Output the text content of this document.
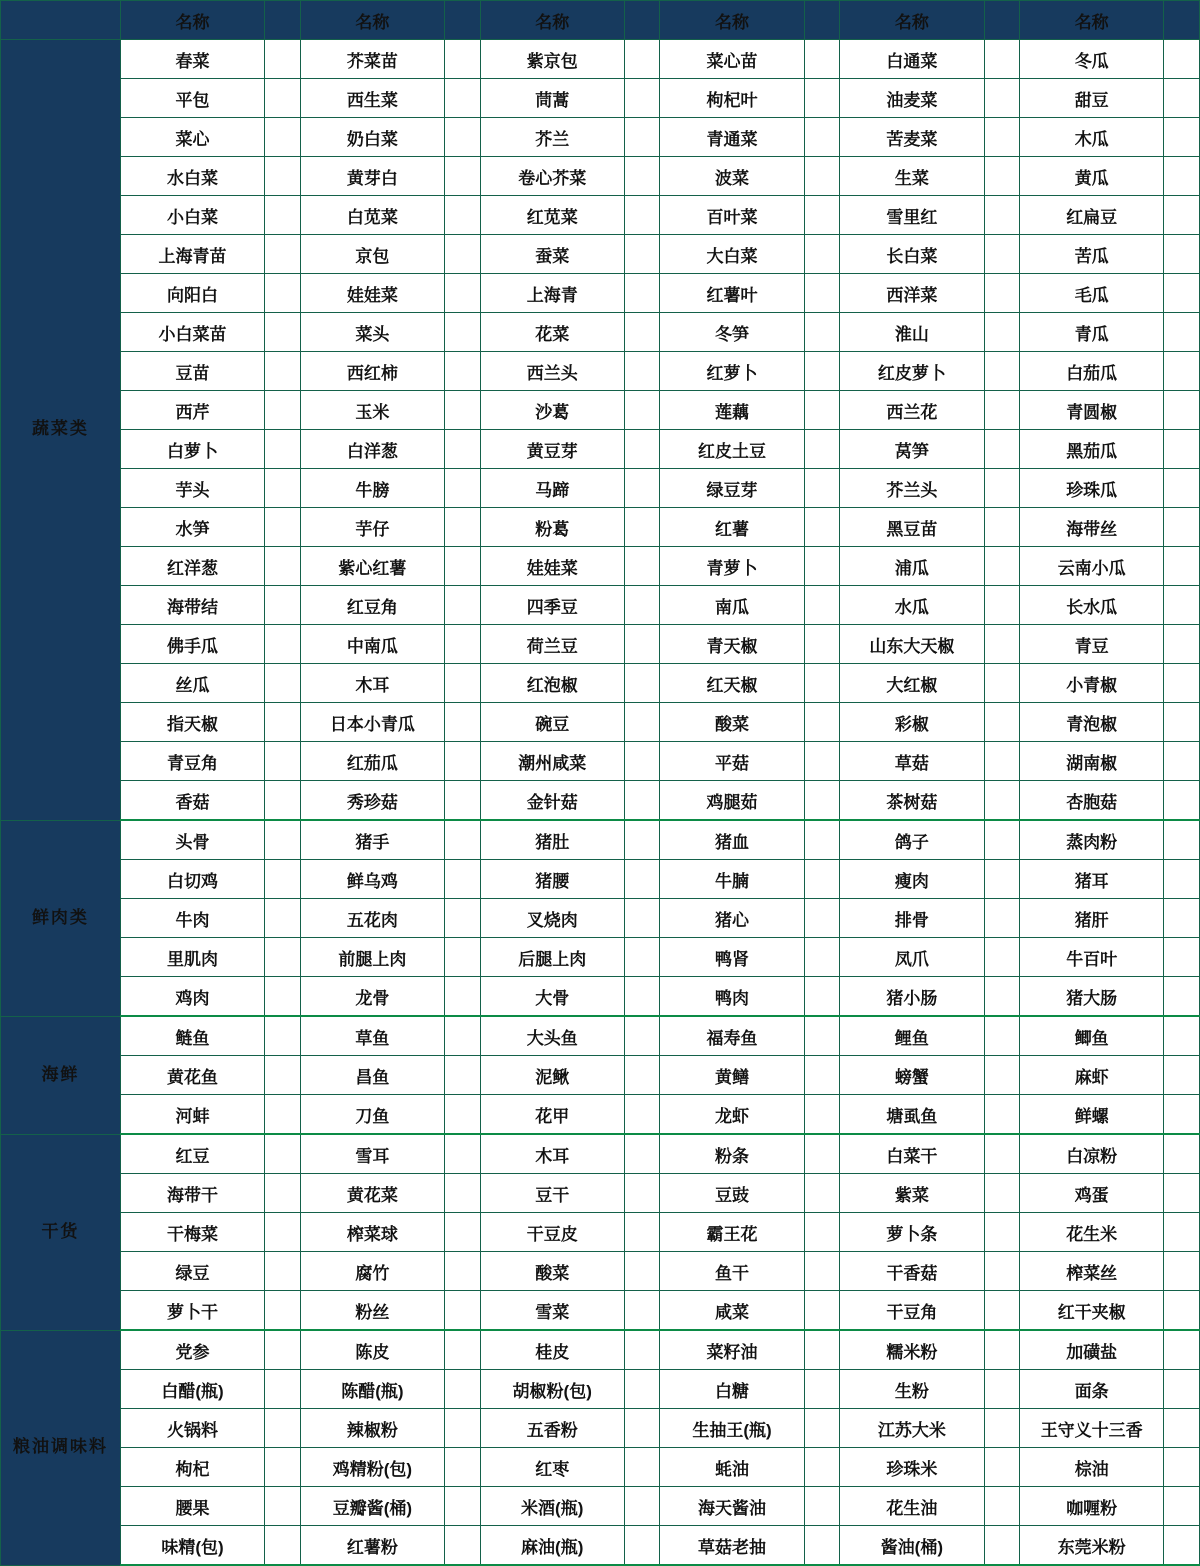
	名称		名称		名称		名称		名称		名称	

蔬菜类	春菜		芥菜苗		紫京包		菜心苗		白通菜		冬瓜	
	平包		西生菜		茼蒿		枸杞叶		油麦菜		甜豆	
	菜心		奶白菜		芥兰		青通菜		苦麦菜		木瓜	
	水白菜		黄芽白		卷心芥菜		波菜		生菜		黄瓜	
	小白菜		白苋菜		红苋菜		百叶菜		雪里红		红扁豆	
	上海青苗		京包		蚕菜		大白菜		长白菜		苦瓜	
	向阳白		娃娃菜		上海青		红薯叶		西洋菜		毛瓜	
	小白菜苗		菜头		花菜		冬笋		淮山		青瓜	
	豆苗		西红柿		西兰头		红萝卜		红皮萝卜		白茄瓜	
	西芹		玉米		沙葛		莲藕		西兰花		青圆椒	
	白萝卜		白洋葱		黄豆芽		红皮土豆		莴笋		黑茄瓜	
	芋头		牛膀		马蹄		绿豆芽		芥兰头		珍珠瓜	
	水笋		芋仔		粉葛		红薯		黑豆苗		海带丝	
	红洋葱		紫心红薯		娃娃菜		青萝卜		浦瓜		云南小瓜	
	海带结		红豆角		四季豆		南瓜		水瓜		长水瓜	
	佛手瓜		中南瓜		荷兰豆		青天椒		山东大天椒		青豆	
	丝瓜		木耳		红泡椒		红天椒		大红椒		小青椒	
	指天椒		日本小青瓜		碗豆		酸菜		彩椒		青泡椒	
	青豆角		红茄瓜		潮州咸菜		平菇		草菇		湖南椒	
	香菇		秀珍菇		金针菇		鸡腿茹		茶树菇		杏胞菇	

鲜肉类	头骨		猪手		猪肚		猪血		鸽子		蒸肉粉	
	白切鸡		鲜乌鸡		猪腰		牛腩		瘦肉		猪耳	
	牛肉		五花肉		叉烧肉		猪心		排骨		猪肝	
	里肌肉		前腿上肉		后腿上肉		鸭肾		凤爪		牛百叶	
	鸡肉		龙骨		大骨		鸭肉		猪小肠		猪大肠	

海鲜	鲢鱼		草鱼		大头鱼		福寿鱼		鲤鱼		鲫鱼	
	黄花鱼		昌鱼		泥鳅		黄鳝		螃蟹		麻虾	
	河蚌		刀鱼		花甲		龙虾		塘虱鱼		鲜螺	

干货	红豆		雪耳		木耳		粉条		白菜干		白凉粉	
	海带干		黄花菜		豆干		豆豉		紫菜		鸡蛋	
	干梅菜		榨菜球		干豆皮		霸王花		萝卜条		花生米	
	绿豆		腐竹		酸菜		鱼干		干香菇		榨菜丝	
	萝卜干		粉丝		雪菜		咸菜		干豆角		红干夹椒	

粮油调味料	党参		陈皮		桂皮		菜籽油		糯米粉		加磺盐	
	白醋(瓶)		陈醋(瓶)		胡椒粉(包)		白糖		生粉		面条	
	火锅料		辣椒粉		五香粉		生抽王(瓶)		江苏大米		王守义十三香	
	枸杞		鸡精粉(包)		红枣		蚝油		珍珠米		棕油	
	腰果		豆瓣酱(桶)		米酒(瓶)		海天酱油		花生油		咖喱粉	
	味精(包)		红薯粉		麻油(瓶)		草菇老抽		酱油(桶)		东莞米粉	
